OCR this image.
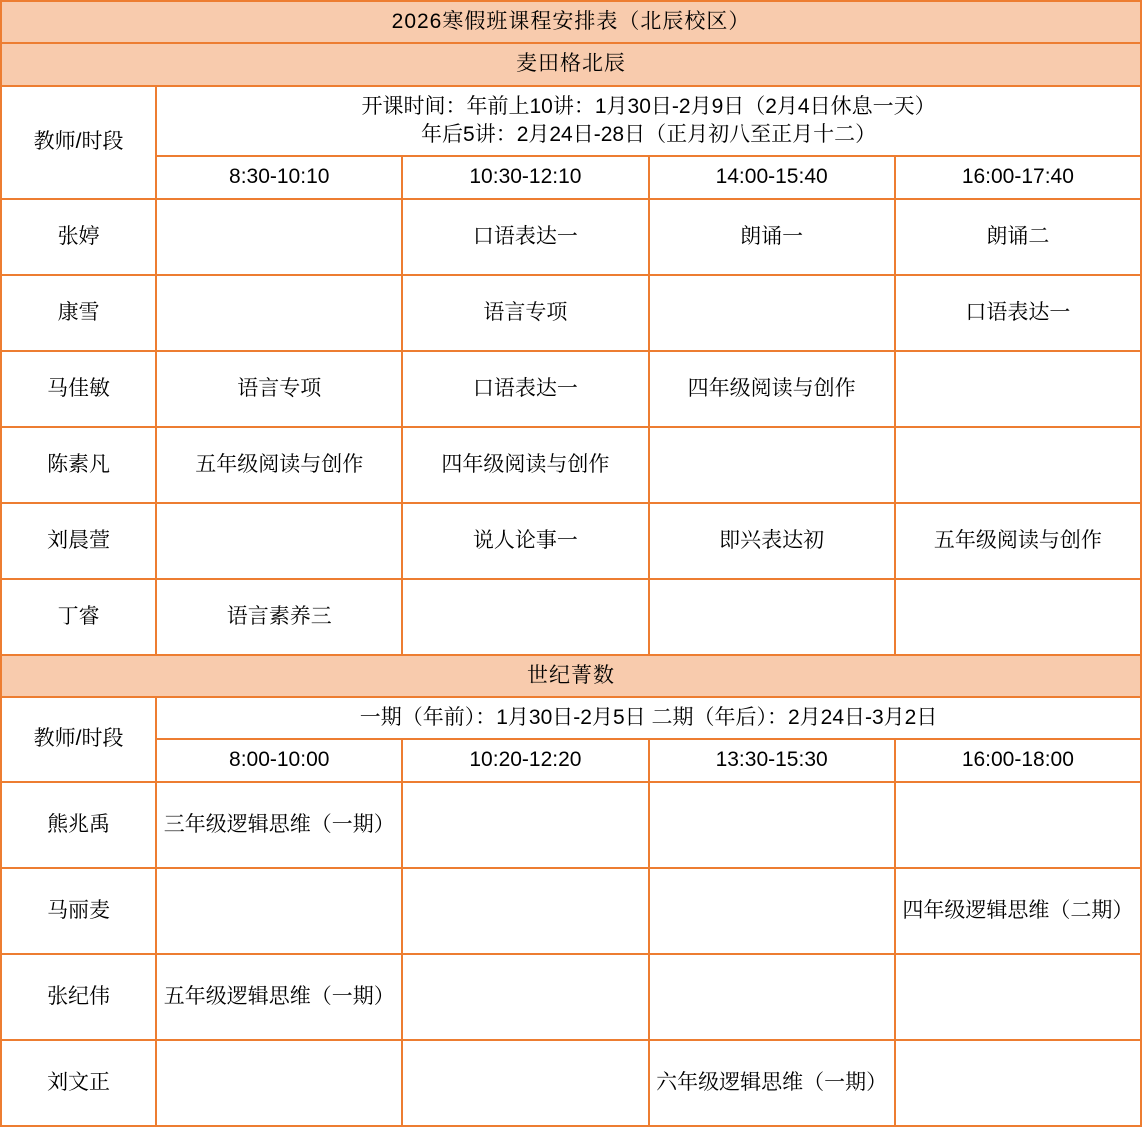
2026寒假班课程安排表（北辰校区）				
麦田格北辰				
教师/时段	开课时间：年前上10讲：1月30日-2月9日（2月4日休息一天）
年后5讲：2月24日-28日（正月初八至正月十二）			

	8:30-10:10	10:30-12:10	14:00-15:40	16:00-17:40
张婷		口语表达一	朗诵一	朗诵二
康雪		语言专项		口语表达一
马佳敏	语言专项	口语表达一	四年级阅读与创作	
陈素凡	五年级阅读与创作	四年级阅读与创作		
刘晨萱		说人论事一	即兴表达初	五年级阅读与创作
丁睿	语言素养三			
世纪菁数				
教师/时段	一期（年前）：1月30日-2月5日 二期（年后）：2月24日-3月2日			

	8:00-10:00	10:20-12:20	13:30-15:30	16:00-18:00
熊兆禹	三年级逻辑思维（一期）			
马丽麦				四年级逻辑思维（二期）
张纪伟	五年级逻辑思维（一期）			
刘文正			六年级逻辑思维（一期）	
